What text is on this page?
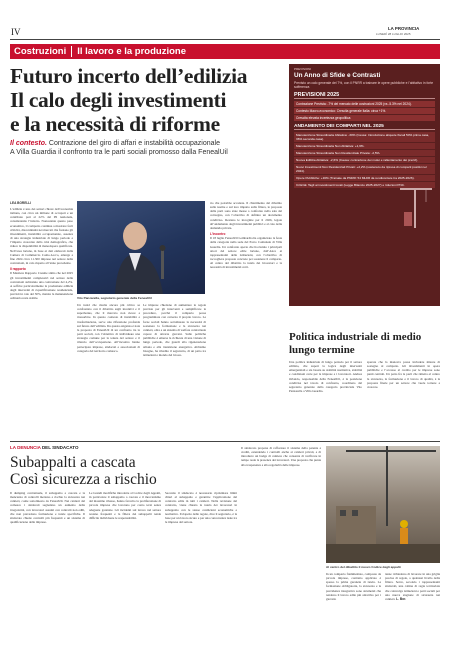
IV	LA PROVINCIA
LUNEDÌ 28 LUGLIO 2025
Costruzioni	Il lavoro e la produzione
Futuro incerto dell’edilizia
Il calo degli investimenti
e la necessità di riforme
Il contesto. Contrazione del giro di affari e instabilità occupazionale
A Villa Guardia il confronto tra le parti sociali promosso dalla FenealUil
PREVISIONI
Un Anno di Sfide e Contrasti
Previsto un calo generale del 7%, con il PNRR a trainare le opere pubbliche e l’abitativo in forte sofferenza
PREVISIONI 2025
Contrazione Prevista: -7% del mercato delle costruzioni 2025 (vs -5.3% nel 2024).
Contesto Macro-economico: Crescita generale Italia: circa +1%.
Crescita elevata incertezza geopolitica
ANDAMENTO DEI COMPARTI NEL 2025
Manutenzione Straordinaria Abitativa: -30% (Cessa: Introduzione aliquote fiscali 50% prima casa, 36% seconda casa).
Manutenzione Straordinaria Non Abitativa: +1,6%.
Manutenzione Straordinaria Non Residenziale Privata: -2,5%.
Nuova Edilizia Abitativa: -2,6% (Causa: contrazione dei mutui e rallentamento dei prezzi).
Nuovi Investimenti Non Residenziali Privati: +2,2% (sostenuto da ripresa di comparti positivi nel 2024).
Opere Pubbliche: +16% (Trainate da PNRR: 54 MLD€ da rendicontare tra 2025-2026).
Criticità: Tagli ai investimenti locali (Legge Bilancio 2025-2027) e riduzioni PNC.
LEA BORELLI
L’edilizia è uno dei settori chiave dell’economia italiana, con circa un milione di occupati e un contributo pari al 22% del Pil nazionale, considerando l’indotto. Nonostante questo peso economico, il comparto continua a mostrare forti criticità, discontinuità nei mercati che frenano gli investimenti, instabilità occupazionale, assenza di una strategia industriale di lungo periodo e l’impatto crescente della crisi demografica, che riduce la disponibilità di manodopera qualificata. Nell’area lariana, in base ai dati elaborati dalla Camera di Commercio Como-Lecco, emerge a fine 2024 circa 11.300 imprese nel settore delle costruzioni, in calo rispetto all’anno precedente.
Il rapporto
Il Mestiere Rapporto Cresme stima che nel 2025 gli investimenti complessivi nel settore delle costruzioni subiranno una contrazione del 4,2%. A soffrire particolarmente la produzione edilizia degli interventi di riqualificazione residenziale, previsti in calo del 30%, mentre la manutenzione ordinaria resta stabile.	Vito Panzarella, segretario generale della FenealUil
Un trend che risulta ancora più critico se confrontato con il dibattito sugli incentivi e il superbonus, che il mercato non riesce a riassorbire. In questo contesto di instabilità e trasformazione, serve una riflessione profonda sul futuro dell’edilizia. Da questa esigenza è nata la proposta di FenealUil di un confronto tra le parti sociali, con l’obiettivo di individuare una strategia comune per la tenuta del settore e il rilancio dell’occupazione. All’incontro hanno partecipato imprese, sindacati e associazioni di categoria del territorio comasco.
Le imprese chiedono di aumentare le regole previste per gli interventi e semplificare le procedure, perché il comparto possa programmare con certezza il proprio lavoro. Le forze sociali hanno sottolineato la necessità di sostenere la formazione e la sicurezza nei cantieri, oltre a un sistema di welfare contrattuale capace di attrarre giovani. Sulle politiche pubbliche è emersa la richiesta di una visione di lungo periodo, che guardi alla rigenerazione urbana e alla transizione energetica. Abbiamo bisogno, ha ribadito il segretario, di un patto tra istituzioni e mondo del lavoro.
rio che potrebbe accadere. Il chiarimento del dibattito sulle norme e sul loro impatto sulla filiera, le proposte delle parti sono state messe a confronto nella sala del convegno, con l’obiettivo di definire un documento condiviso. Restano le incognite per il 2026, legate all’andamento degli investimenti pubblici e al calo della domanda privata.
L’incontro
Il 18 luglio FenealUil Lombardia ha organizzato la festa della categoria nella sede del Parco Comunale di Villa Guardia. Un confronto aperto che ha riunito i principali attori del settore edile lariano, dall’Ance ai rappresentanti delle istituzioni, con l’obiettivo di raccogliere proposte concrete per sostenere il comparto. Al centro del dibattito la tutela dei lavoratori e la necessità di investimenti certi.
Politica industriale di medio lungo termine
Una politica industriale di lungo periodo per il settore edilizio, che superi la logica degli interventi emergenziali e sia basata su stabilità normativa, stabilità e condizioni certe per le imprese e i lavoratori. Andrea Orlando, responsabile della FenealUil, è la posizione condivisa nel tavolo di confronto, coordinato dal segretario generale della categoria provinciale Vito Panzarella a Villa Guardia.
sperare che la manovra possa includere misure di sostegno al comparto. Gli investimenti in opere pubbliche e l’accesso al credito per le imprese sono punti centrali. Un patto fra le parti che rimetta al centro la sicurezza, la formazione e il lavoro di qualità, è la proposta finale per un settore che vuole tornare a crescere.
LA DENUNCIA DEL SINDACATO
Subappalti a cascata
Così sicurezza a rischio
Il dumping contrattuale, il subappalto a cascata e la mancanza di controlli mettono a rischio la sicurezza nei cantieri, come sottolineato da FenealUil. Nei cantieri del comasco i sindacati segnalano un aumento delle irregolarità, con lavoratori assunti con contratti non edili, che non prevedono formazione e tutele specifiche. Il sindacato chiede controlli più frequenti e un sistema di qualificazione delle imprese.
Le Grandi modifiche introdotte al Codice degli Appalti, in particolare il subappalto a cascata e il meccanismo del massimo ribasso, hanno favorito la proliferazione di piccole imprese che lavorano per conto terzi senza adeguate garanzie. Gli incidenti sul lavoro nel settore restano frequenti e la filiera dei subappalti rende difficile individuare le responsabilità.
Secondo il sindacato è necessario ripristinare limiti chiari al subappalto e garantire l’applicazione del contratto edile in tutti i cantieri. Nella revisione del contratto, viene chiesta la tutela dei lavoratori in subappalto con le stesse condizioni economiche e normative. Il rispetto delle regole, dice il segretario, è la base per un lavoro sicuro e per una concorrenza leale tra le imprese del settore.
Il sindacato propone di rafforzare il sistema della patente a crediti, estendendo i controlli anche ai cantieri privati, e di introdurre un badge di cantiere che consenta di verificare in tempo reale la presenza dei lavoratori. Una proposta che punta alla trasparenza e alla regolarità delle imprese.
Al centro del dibattito il nuovo Codice degli appalti
In un comparto frammentato, composto da piccole imprese, contratto applicato è spesso la prima garanzia di tutela. La formazione obbligatoria, la sicurezza e la previdenza integrativa sono strumenti che rendono il lavoro edile più attrattivo per i giovani.
tanze richiedono di lavorare in una griglia precisa di regole, a qualsiasi livello della filiera. Serve, secondo i rappresentanti sindacali, una cabina di regia territoriale che coinvolga istituzioni e parti sociali per una nuova stagione di sicurezza nei cantieri. L. Bor.
